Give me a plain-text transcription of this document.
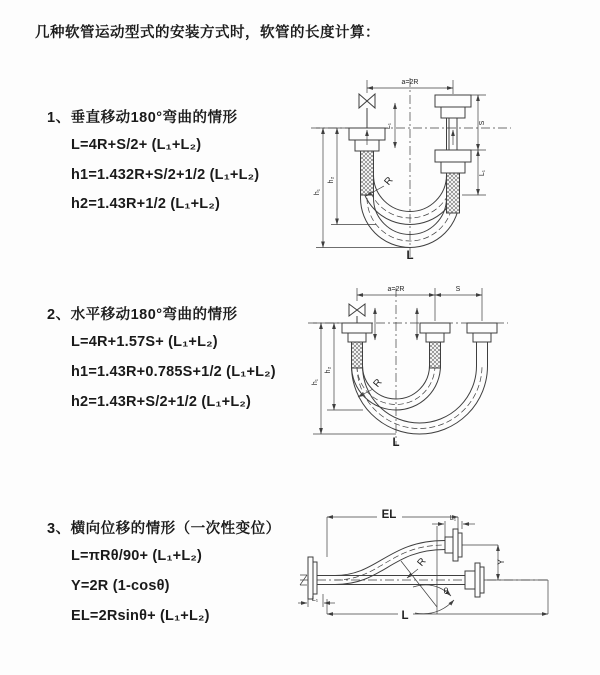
几种软管运动型式的安装方式时，软管的长度计算：
1、垂直移动180°弯曲的情形
L=4R+S/2+ (L₁+L₂)
h1=1.432R+S/2+1/2 (L₁+L₂)
h2=1.43R+1/2 (L₁+L₂)
a=2R
S
L₁
L₁
h₁
h₂	R
L
2、水平移动180°弯曲的情形
L=4R+1.57S+ (L₁+L₂)
h1=1.43R+0.785S+1/2 (L₁+L₂)
h2=1.43R+S/2+1/2 (L₁+L₂)
a=2R	S
h₁
h₂
R
L
3、横向位移的情形（一次性变位）
L=πRθ/90+ (L₁+L₂)
Y=2R (1-cosθ)
EL=2Rsinθ+ (L₁+L₂)
EL	L₁
L₁
Y
R
θ
L
